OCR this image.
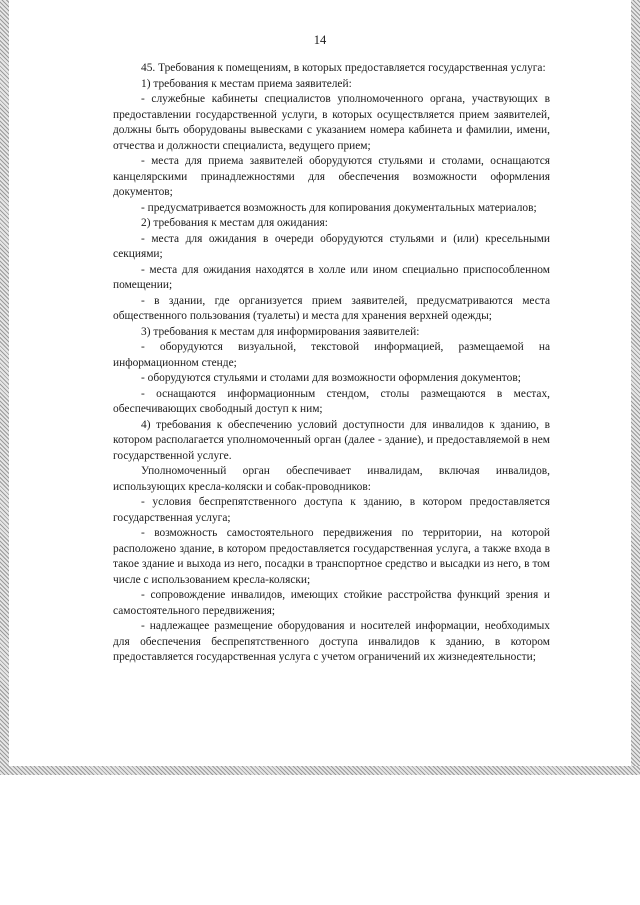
14

45. Требования к помещениям, в которых предоставляется государственная услуга:

1) требования к местам приема заявителей:

- служебные кабинеты специалистов уполномоченного органа, участвующих в предоставлении государственной услуги, в которых осуществляется прием заявителей, должны быть оборудованы вывесками с указанием номера кабинета и фамилии, имени, отчества и должности специалиста, ведущего прием;

- места для приема заявителей оборудуются стульями и столами, оснащаются канцелярскими принадлежностями для обеспечения возможности оформления документов;

- предусматривается возможность для копирования документальных материалов;

2) требования к местам для ожидания:

- места для ожидания в очереди оборудуются стульями и (или) кресельными секциями;

- места для ожидания находятся в холле или ином специально приспособленном помещении;

- в здании, где организуется прием заявителей, предусматриваются места общественного пользования (туалеты) и места для хранения верхней одежды;

3) требования к местам для информирования заявителей:

- оборудуются визуальной, текстовой информацией, размещаемой на информационном стенде;

- оборудуются стульями и столами для возможности оформления документов;

- оснащаются информационным стендом, столы размещаются в местах, обеспечивающих свободный доступ к ним;

4) требования к обеспечению условий доступности для инвалидов к зданию, в котором располагается уполномоченный орган (далее - здание), и предоставляемой в нем государственной услуге.

Уполномоченный орган обеспечивает инвалидам, включая инвалидов, использующих кресла-коляски и собак-проводников:

- условия беспрепятственного доступа к зданию, в котором предоставляется государственная услуга;

- возможность самостоятельного передвижения по территории, на которой расположено здание, в котором предоставляется государственная услуга, а также входа в такое здание и выхода из него, посадки в транспортное средство и высадки из него, в том числе с использованием кресла-коляски;

- сопровождение инвалидов, имеющих стойкие расстройства функций зрения и самостоятельного передвижения;

- надлежащее размещение оборудования и носителей информации, необходимых для обеспечения беспрепятственного доступа инвалидов к зданию, в котором предоставляется государственная услуга с учетом ограничений их жизнедеятельности;
